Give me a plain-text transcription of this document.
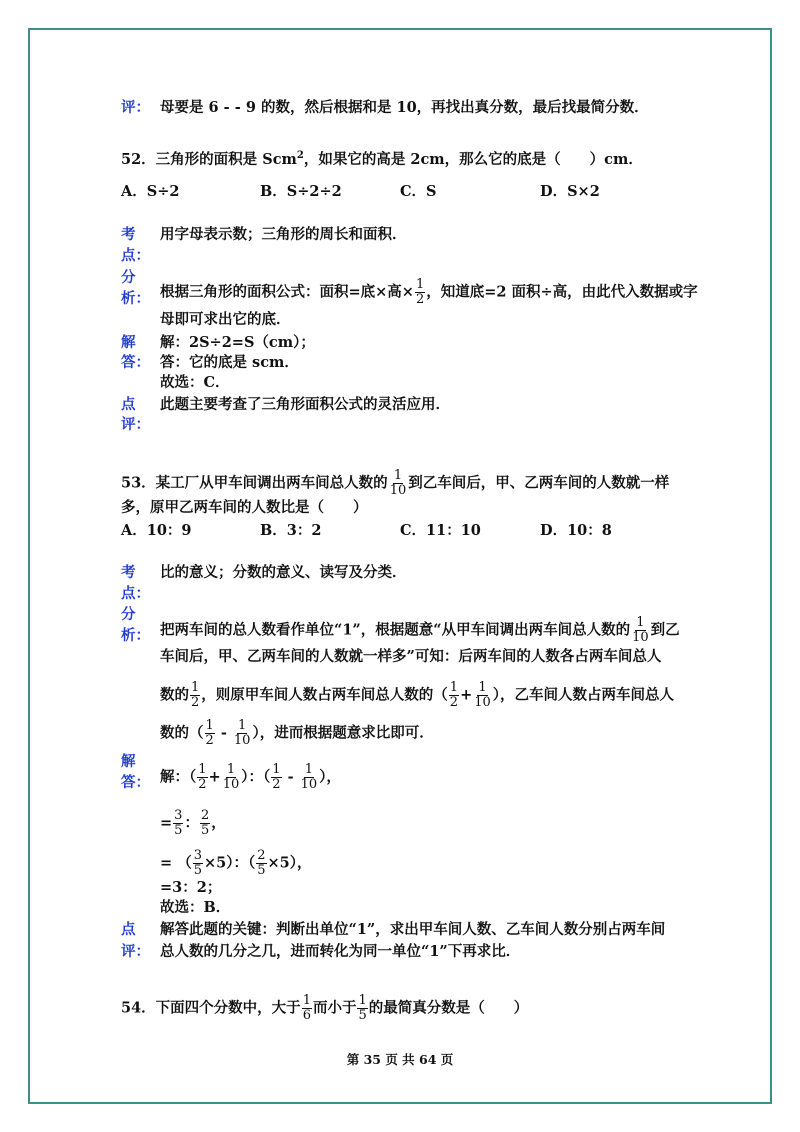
评： 母要是 6 - - 9 的数，然后根据和是 10，再找出真分数，最后找最简分数．
52．三角形的面积是 Scm$^2$，如果它的高是 2cm，那么它的底是（　　）cm．
A．S÷2	B．S÷2÷2	C．S	D．S×2
考
点：
用字母表示数；三角形的周长和面积．
分
析： 根据三角形的面积公式：面积=底×高× $\frac{1}{2}$ ，知道底=2 面积÷高，由此代入数据或字
母即可求出它的底．
解
答：
解：2S÷2=S（cm）；
答：它的底是 scm．
故选：C．
点
评：
此题主要考查了三角形面积公式的灵活应用．
53．某工厂从甲车间调出两车间总人数的 $\frac{1}{10}$ 到乙车间后，甲、乙两车间的人数就一样
多，原甲乙两车间的人数比是（　　）
A．10：9	B．3：2	C．11：10	D．10：8
考
点：
比的意义；分数的意义、读写及分类．
分
析： 把两车间的总人数看作单位“1”，根据题意“从甲车间调出两车间总人数的 $\frac{1}{10}$ 到乙
车间后，甲、乙两车间的人数就一样多”可知：后两车间的人数各占两车间总人
数的 $\frac{1}{2}$ ，则原甲车间人数占两车间总人数的（ $\frac{1}{2} + \frac{1}{10}$ ），乙车间人数占两车间总人
数的（ $\frac{1}{2} - \frac{1}{10}$ ），进而根据题意求比即可．
解
答： 解：（ $\frac{1}{2} + \frac{1}{10}$ ）：（ $\frac{1}{2} - \frac{1}{10}$ ），
= $\frac{3}{5}$ ： $\frac{2}{5}$ ，
= （ $\frac{3}{5} \times 5$）：（ $\frac{2}{5} \times 5$），
=3：2；
故选：B．
点
评：
解答此题的关键：判断出单位“1”，求出甲车间人数、乙车间人数分别占两车间
总人数的几分之几，进而转化为同一单位“1”下再求比．
54．下面四个分数中，大于 $\frac{1}{6}$ 而小于 $\frac{1}{5}$ 的最简真分数是（　　）
第 35 页 共 64 页
